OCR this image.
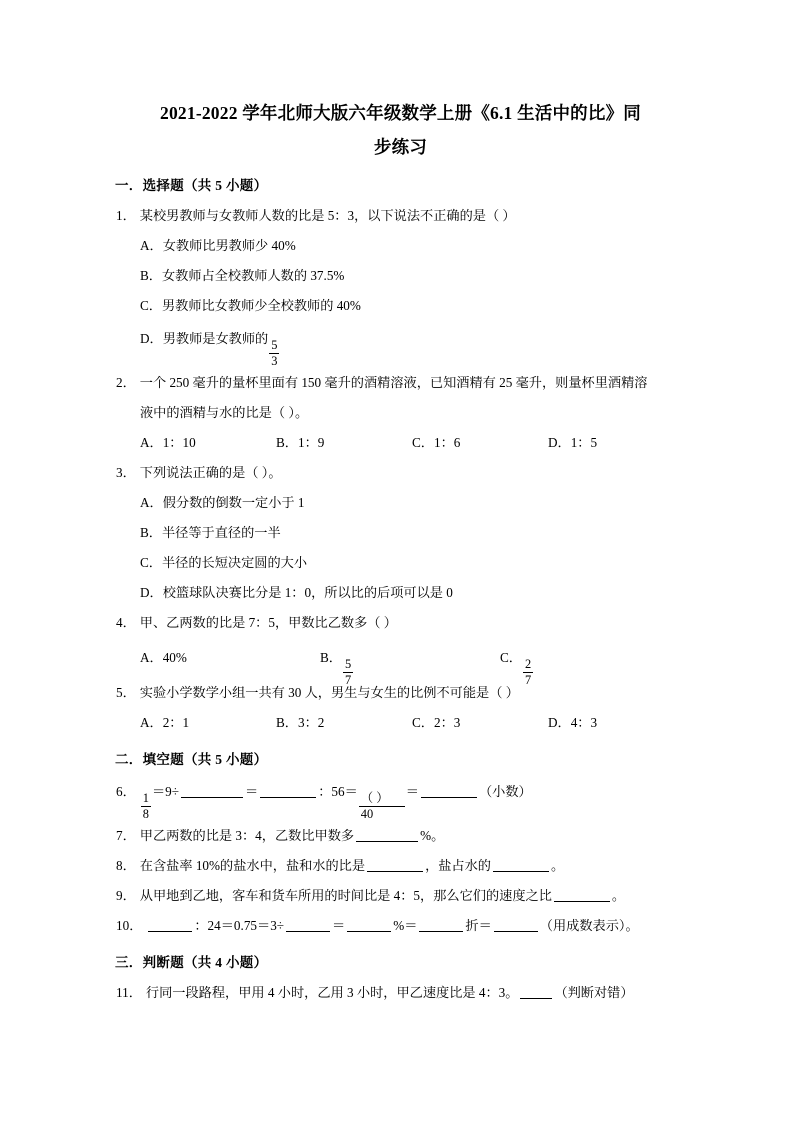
2021-2022 学年北师大版六年级数学上册《6.1 生活中的比》同
步练习
一．选择题（共 5 小题）
1． 某校男教师与女教师人数的比是 5：3，以下说法不正确的是（ ）
A．女教师比男教师少 40%
B．女教师占全校教师人数的 37.5%
C．男教师比女教师少全校教师的 40%
D．男教师是女教师的
$\frac{5}{3}$
2． 一个 250 毫升的量杯里面有 150 毫升的酒精溶液，已知酒精有 25 毫升，则量杯里酒精溶
液中的酒精与水的比是（ ）。
A．1：10	B．1：9	C．1：6	D．1：5
3． 下列说法正确的是（ ）。
A．假分数的倒数一定小于 1
B．半径等于直径的一半
C．半径的长短决定圆的大小
D．校篮球队决赛比分是 1：0，所以比的后项可以是 0
4． 甲、乙两数的比是 7：5，甲数比乙数多（ ）
A．40%	B．
$\frac{5}{7}$
C．
$\frac{2}{7}$
5． 实验小学数学小组一共有 30 人，男生与女生的比例不可能是（ ）
A．2：1	B．3：2	C．2：3	D．4：3
二．填空题（共 5 小题）
6．
$\frac{1}{8}$
＝9÷	＝	：56＝
$\frac{( )}{40}$
＝	（小数）
7． 甲乙两数的比是 3：4，乙数比甲数多	%。
8． 在含盐率 10%的盐水中，盐和水的比是	，盐占水的	。
9． 从甲地到乙地，客车和货车所用的时间比是 4：5，那么它们的速度之比	。
10．	：24＝0.75＝3÷	＝	%＝	折＝	（用成数表示）。
三．判断题（共 4 小题）
11． 行同一段路程，甲用 4 小时，乙用 3 小时，甲乙速度比是 4：3。	（判断对错）
